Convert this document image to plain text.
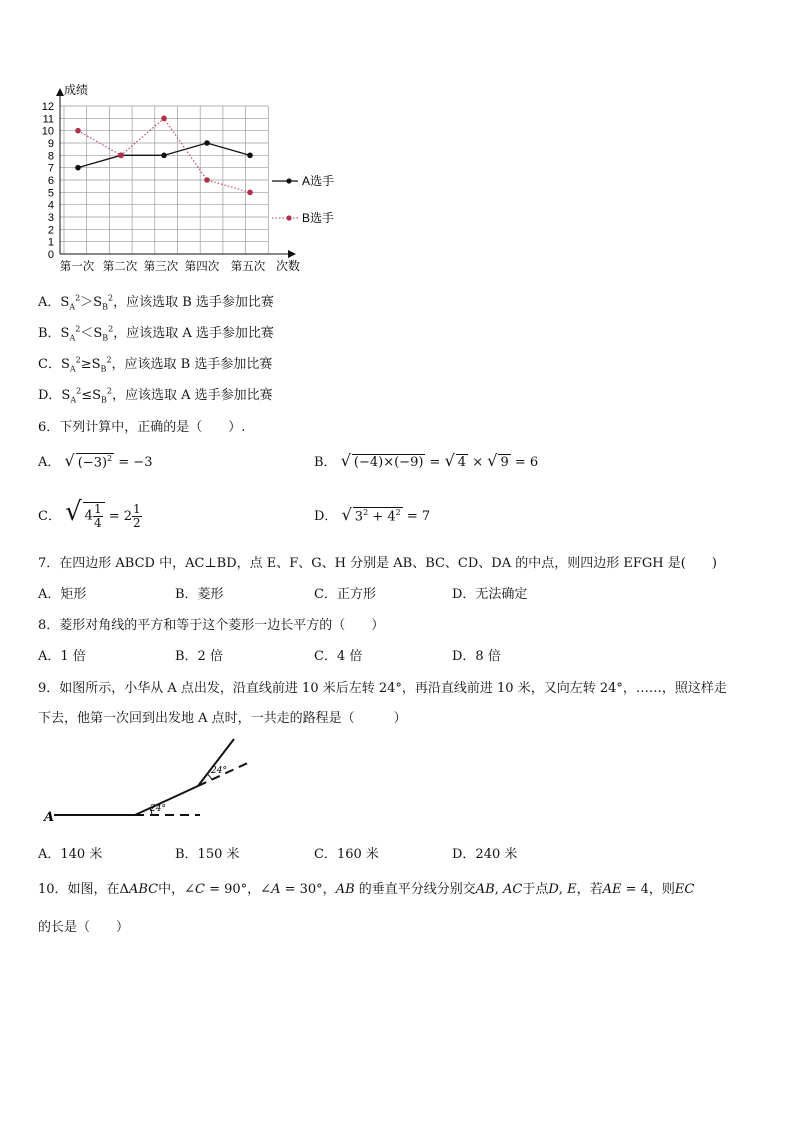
0
1
2
3
4
5
6
7
8
9
10
11
12
第一次 第二次 第三次 第四次 第五次
成绩
次数
A选手
B选手
A．$S_A^2>S_B^2$，应该选取 B 选手参加比赛
B．$S_A^2<S_B^2$，应该选取 A 选手参加比赛
C．$S_A^2\ge S_B^2$，应该选取 B 选手参加比赛
D．$S_A^2\le S_B^2$，应该选取 A 选手参加比赛
6．下列计算中，正确的是（　　）.
A． √ $(-3)^2 = -3$	B． √ (−4)×(−9) = √ 4 × √ 9 = 6
C． √ $4 \frac{1}{4} = 2 \frac{1}{2}$	D． √ $3^2 + 4^2 = 7$
7．在四边形 ABCD 中，AC⊥BD，点 E、F、G、H 分别是 AB、BC、CD、DA 的中点，则四边形 EFGH 是(　　)
A．矩形	B．菱形	C．正方形	D．无法确定
8．菱形对角线的平方和等于这个菱形一边长平方的（　　）
A．1 倍	B．2 倍	C．4 倍	D．8 倍
9．如图所示，小华从 A 点出发，沿直线前进 10 米后左转 24°，再沿直线前进 10 米，又向左转 24°，……，照这样走
下去，他第一次回到出发地 A 点时，一共走的路程是（　　　）
A
24°
24°
A．140 米	B．150 米	C．160 米	D．240 米
10．如图，在ΔABC中，∠C = 90°，∠A = 30°，AB 的垂直平分线分别交AB, AC于点D, E，若AE = 4，则EC
的长是（　　）
